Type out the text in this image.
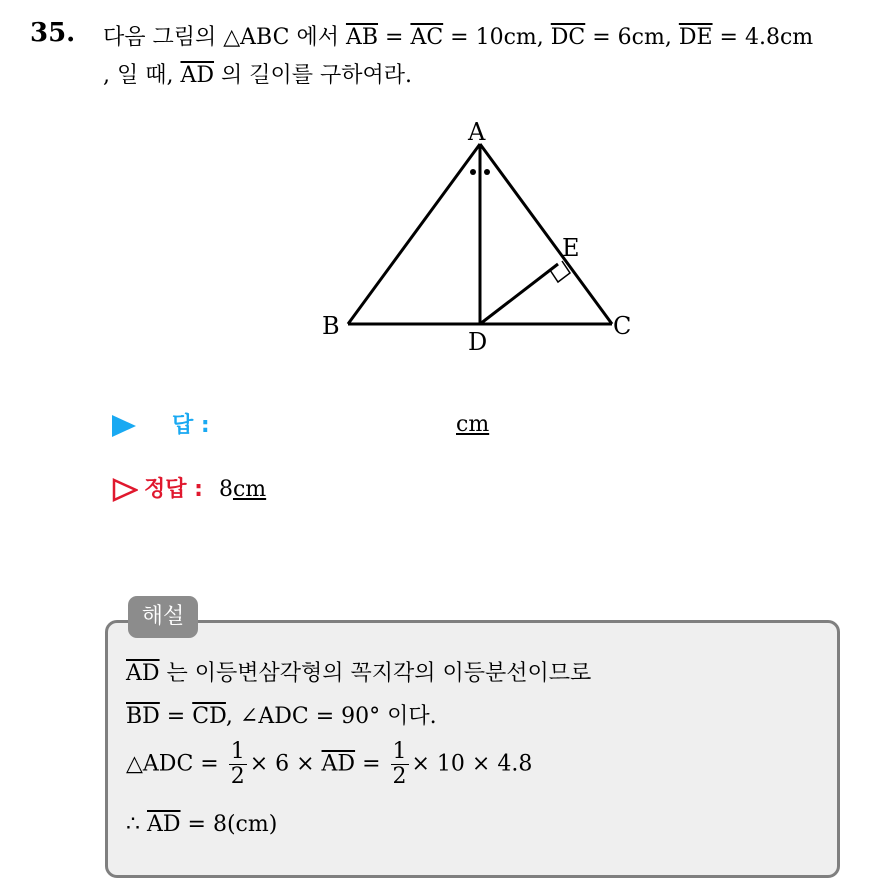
35. 다음 그림의 △ABC 에서 $\overline{AB} = \overline{AC} = 10cm$, $\overline{DC} = 6cm$, $\overline{DE} = 4.8cm$
, 일 때, $\overline{AD}$ 의 길이를 구하여라.
A
B	C
D
E
답 :	cm
정답 : 8cm
해설
$\overline{AD}$ 는 이등변삼각형의 꼭지각의 이등분선이므로
$\overline{BD} = \overline{CD}$, ∠ADC = 90° 이다.
△ADC = $\frac{1}{2} \times 6 \times \overline{AD} = \frac{1}{2} \times 10 \times 4.8$
∴ $\overline{AD} = 8(cm)$
